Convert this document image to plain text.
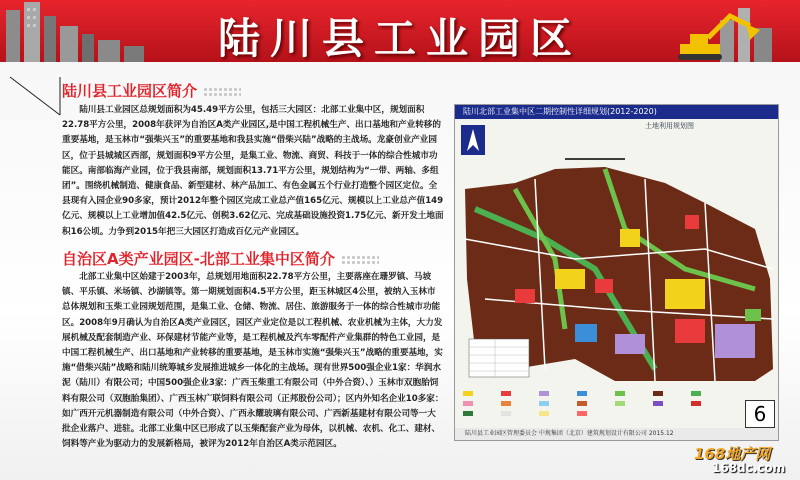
陆川县工业园区
陆川县工业园区简介
陆川县工业园区总规划面积为45.49平方公里，包括三大园区：北部工业集中区，规划面积22.78平方公里，2008年获评为自治区A类产业园区,是中国工程机械生产、出口基地和产业转移的重要基地，是玉林市“强柴兴玉”的重要基地和我县实施“借柴兴陆”战略的主战场。龙豪创业产业园区，位于县城城区西部，规划面积9平方公里，是集工业、物流、商贸、科技于一体的综合性城市功能区。南部临海产业园，位于我县南部，规划面积13.71平方公里，规划结构为“一带、两轴、多组团”。围绕机械制造、健康食品、新型建材、林产品加工、有色金属五个行业打造整个园区定位。全县现有入园企业90多家，预计2012年整个园区完成工业总产值165亿元、规模以上工业总产值149亿元、规模以上工业增加值42.5亿元、创税3.62亿元、完成基础设施投资1.75亿元、新开发土地面积16公顷。力争到2015年把三大园区打造成百亿元产业园区。
自治区A类产业园区-北部工业集中区简介
北部工业集中区始建于2003年，总规划用地面积22.78平方公里，主要落座在珊罗镇、马坡镇、平乐镇、米场镇、沙湖镇等。第一期规划面积4.5平方公里，距玉林城区4公里，被纳入玉林市总体规划和玉柴工业园规划范围，是集工业、仓储、物流、居住、旅游服务于一体的综合性城市功能区。2008年9月确认为自治区A类产业园区，园区产业定位是以工程机械、农业机械为主体，大力发展机械及配套制造产业、环保建材节能产业等，是工程机械及汽车零配件产业集群的特色工业园，是中国工程机械生产、出口基地和产业转移的重要基地，是玉林市实施“强柴兴玉”战略的重要基地，实施“借柴兴陆”战略和陆川统筹城乡发展推进城乡一体化的主战场。现有世界500强企业1家：华润水泥（陆川）有限公司；中国500强企业3家：广西玉柴重工有限公司（中外合资）、）玉林市双胞胎饲料有限公司（双胞胎集团）、广西玉林广联饲料有限公司（正邦股份公司）；区内外知名企业10多家：如广西开元机器制造有限公司（中外合资）、广西永耀玻璃有限公司、广西新基建材有限公司等一大批企业落户、进驻。北部工业集中区已形成了以玉柴配套产业为母体，以机械、农机、化工、建材、饲料等产业为驱动力的发展新格局，被评为2012年自治区A类示范园区。
陆川北部工业集中区二期控制性详细规划(2012-2020)
土地利用规划图
6
陆川县工业园区管理委员会 中规集团（北京）建筑规划设计有限公司 2015.12
168地产网
168dc.com
